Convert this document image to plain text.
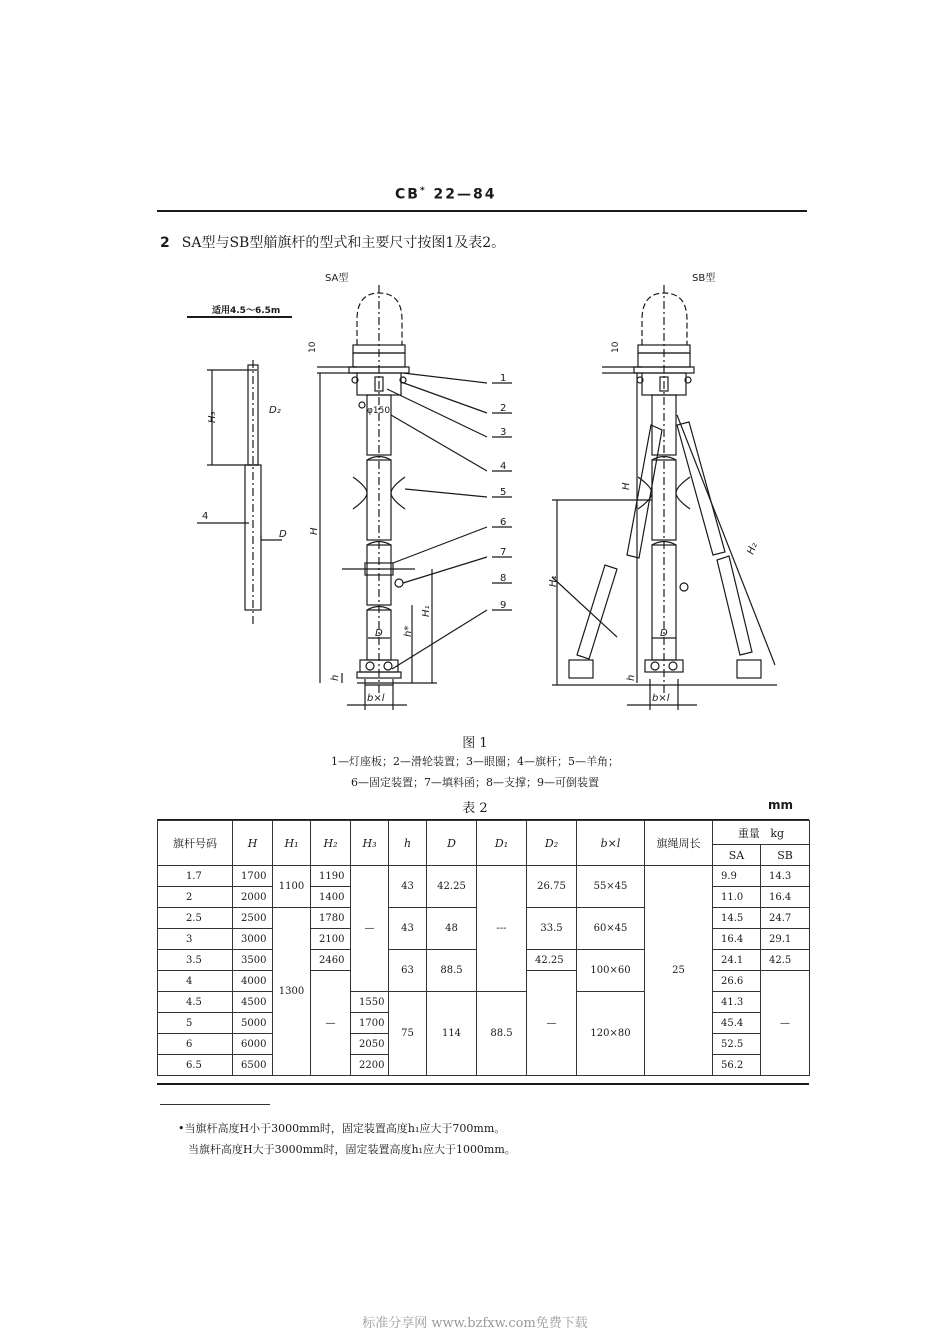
CB* 22—84
2 SA型与SB型艏旗杆的型式和主要尺寸按图1及表2。
SA型	SB型
适用4.5～6.5m
D₂
H₃
4
D
10
φ150
H
H₁
h*
h
D
b×l
1
2
3
4
5
6
7
8
9
10
H
H₁
H₂
h
D
b×l
图 1
1—灯座板；2—滑轮装置；3—眼圈；4—旗杆；5—羊角；
6—固定装置；7—填料函；8—支撑；9—可倒装置
表 2	mm
旗杆号码	H	H₁	H₂	H₃	h	D	D₁	D₂	b×l	旗绳周长	重量 kg	
											SA	SB
1.7	1700	1100	1190	—	43	42.25	---	26.75	55×45	25	9.9	14.3
2	2000		1400								11.0	16.4
2.5	2500	1300	1780		43	48		33.5	60×45		14.5	24.7
3	3000		2100								16.4	29.1
3.5	3500		2460		63	88.5		42.25	100×60		24.1	42.5
4	4000		—					—			26.6	—
4.5	4500			1550	75	114	88.5		120×80		41.3	
5	5000			1700							45.4	
6	6000			2050							52.5	
6.5	6500			2200							56.2	
•当旗杆高度H小于3000mm时，固定装置高度h₁应大于700mm。
当旗杆高度H大于3000mm时，固定装置高度h₁应大于1000mm。
标准分享网 www.bzfxw.com免费下载
